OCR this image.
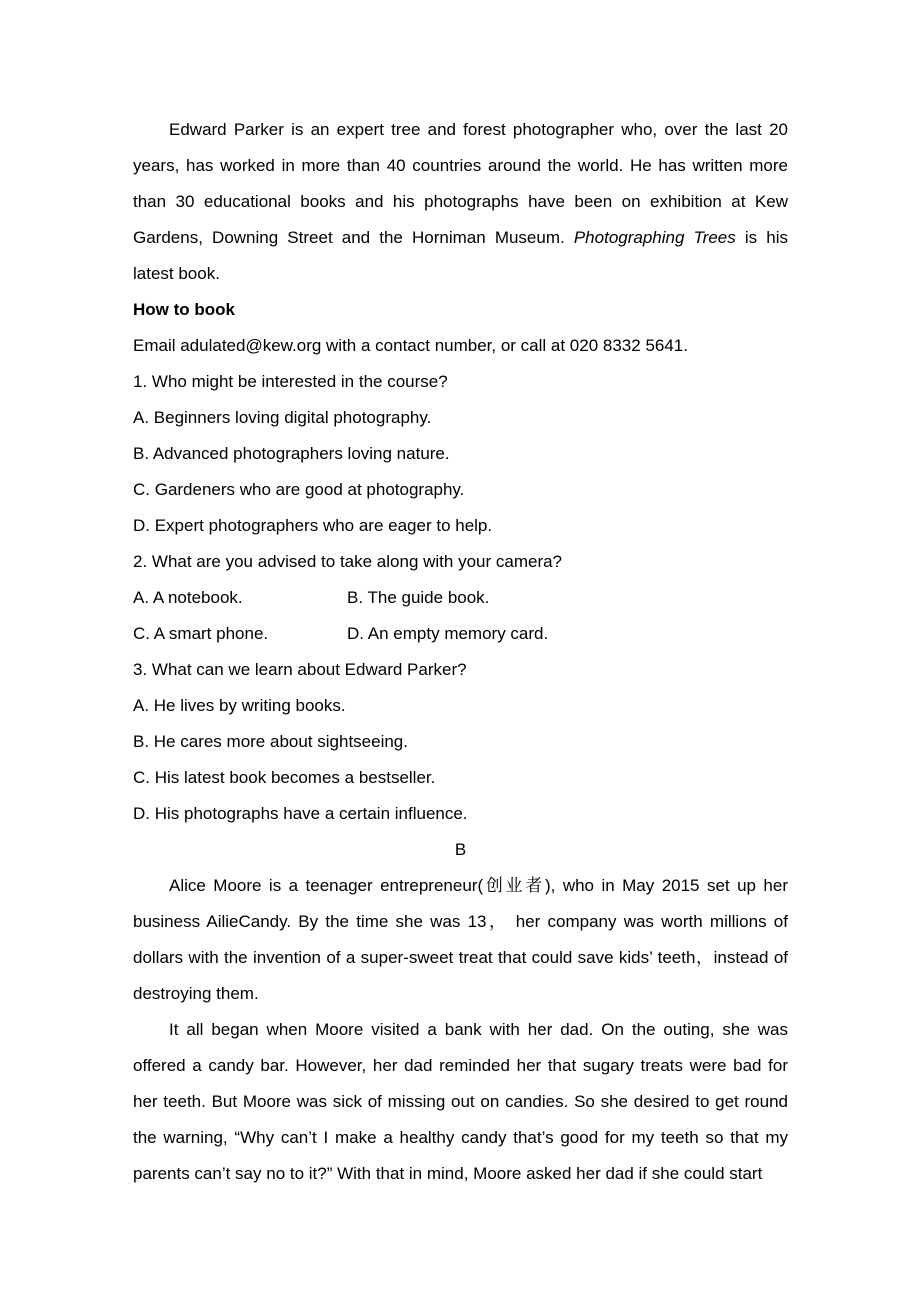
Edward Parker is an expert tree and forest photographer who, over the last 20 years, has worked in more than 40 countries around the world. He has written more than 30 educational books and his photographs have been on exhibition at Kew Gardens, Downing Street and the Horniman Museum. Photographing Trees is his latest book.

How to book

Email adulated@kew.org with a contact number, or call at 020 8332 5641.

1. Who might be interested in the course?

A. Beginners loving digital photography.

B. Advanced photographers loving nature.

C. Gardeners who are good at photography.

D. Expert photographers who are eager to help.

2. What are you advised to take along with your camera?

A. A notebook.	B. The guide book.

C. A smart phone.	D. An empty memory card.

3. What can we learn about Edward Parker?

A. He lives by writing books.

B. He cares more about sightseeing.

C. His latest book becomes a bestseller.

D. His photographs have a certain influence.

B

Alice Moore is a teenager entrepreneur(创业者), who in May 2015 set up her business AilieCandy. By the time she was 13， her company was worth millions of dollars with the invention of a super-sweet treat that could save kids’ teeth，instead of destroying them.

It all began when Moore visited a bank with her dad. On the outing, she was offered a candy bar. However, her dad reminded her that sugary treats were bad for her teeth. But Moore was sick of missing out on candies. So she desired to get round the warning, “Why can’t I make a healthy candy that’s good for my teeth so that my parents can’t say no to it?” With that in mind, Moore asked her dad if she could start
